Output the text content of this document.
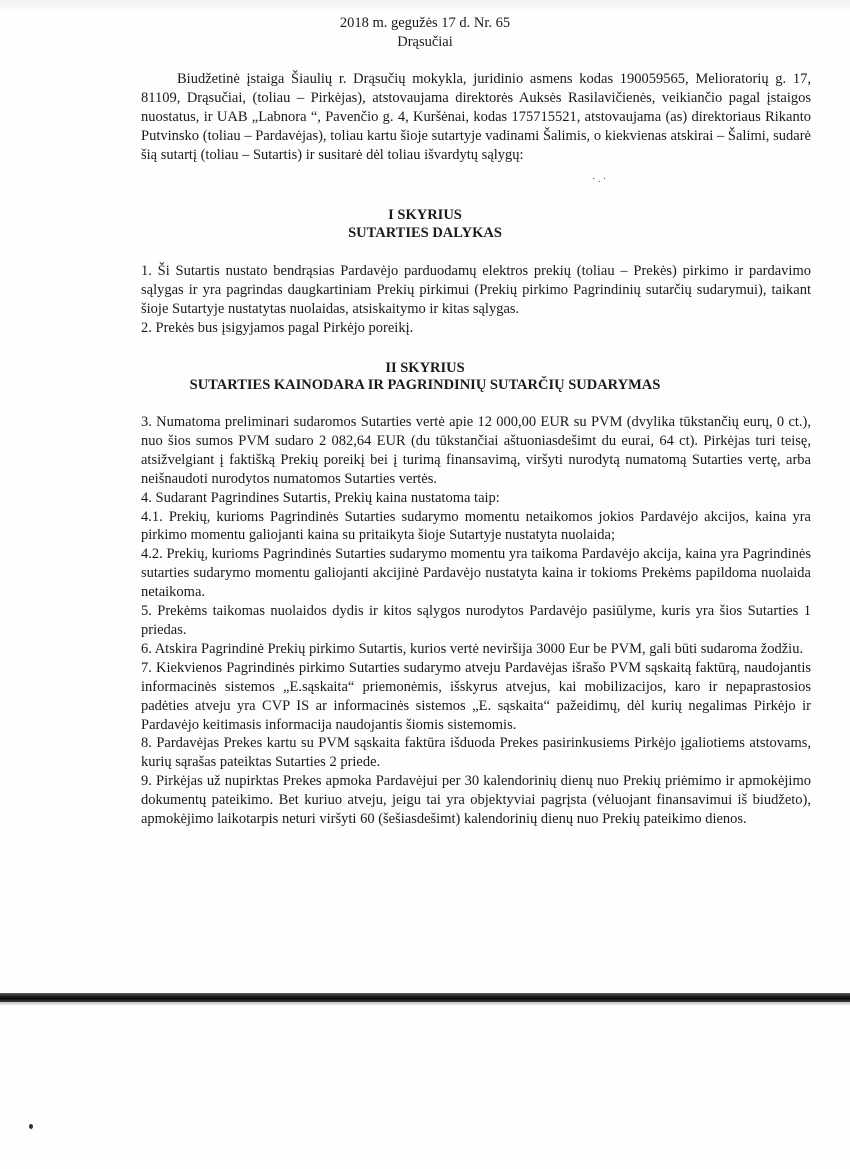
2018 m. gegužės 17 d. Nr. 65
Drąsučiai

Biudžetinė įstaiga Šiaulių r. Drąsučių mokykla, juridinio asmens kodas 190059565, Melioratorių g. 17, 81109, Drąsučiai, (toliau – Pirkėjas), atstovaujama direktorės Auksės Rasilavičienės, veikiančio pagal įstaigos nuostatus, ir UAB „Labnora “, Pavenčio g. 4, Kuršėnai, kodas 175715521, atstovaujama (as) direktoriaus Rikanto Putvinsko (toliau – Pardavėjas), toliau kartu šioje sutartyje vadinami Šalimis, o kiekvienas atskirai – Šalimi, sudarė šią sutartį (toliau – Sutartis) ir susitarė dėl toliau išvardytų sąlygų:

· . ·
I SKYRIUS
SUTARTIES DALYKAS

1. Ši Sutartis nustato bendrąsias Pardavėjo parduodamų elektros prekių (toliau – Prekės) pirkimo ir pardavimo sąlygas ir yra pagrindas daugkartiniam Prekių pirkimui (Prekių pirkimo Pagrindinių sutarčių sudarymui), taikant šioje Sutartyje nustatytas nuolaidas, atsiskaitymo ir kitas sąlygas.

2. Prekės bus įsigyjamos pagal Pirkėjo poreikį.

II SKYRIUS
SUTARTIES KAINODARA IR PAGRINDINIŲ SUTARČIŲ SUDARYMAS

3. Numatoma preliminari sudaromos Sutarties vertė apie 12 000,00 EUR su PVM (dvylika tūkstančių eurų, 0 ct.), nuo šios sumos PVM sudaro 2 082,64 EUR (du tūkstančiai aštuoniasdešimt du eurai, 64 ct). Pirkėjas turi teisę, atsižvelgiant į faktišką Prekių poreikį bei į turimą finansavimą, viršyti nurodytą numatomą Sutarties vertę, arba neišnaudoti nurodytos numatomos Sutarties vertės.

4. Sudarant Pagrindines Sutartis, Prekių kaina nustatoma taip:

4.1. Prekių, kurioms Pagrindinės Sutarties sudarymo momentu netaikomos jokios Pardavėjo akcijos, kaina yra pirkimo momentu galiojanti kaina su pritaikyta šioje Sutartyje nustatyta nuolaida;

4.2. Prekių, kurioms Pagrindinės Sutarties sudarymo momentu yra taikoma Pardavėjo akcija, kaina yra Pagrindinės sutarties sudarymo momentu galiojanti akcijinė Pardavėjo nustatyta kaina ir tokioms Prekėms papildoma nuolaida netaikoma.

5. Prekėms taikomas nuolaidos dydis ir kitos sąlygos nurodytos Pardavėjo pasiūlyme, kuris yra šios Sutarties 1 priedas.

6. Atskira Pagrindinė Prekių pirkimo Sutartis, kurios vertė neviršija 3000 Eur be PVM, gali būti sudaroma žodžiu.

7. Kiekvienos Pagrindinės pirkimo Sutarties sudarymo atveju Pardavėjas išrašo PVM sąskaitą faktūrą, naudojantis informacinės sistemos „E.sąskaita“ priemonėmis, išskyrus atvejus, kai mobilizacijos, karo ir nepaprastosios padėties atveju yra CVP IS ar informacinės sistemos „E. sąskaita“ pažeidimų, dėl kurių negalimas Pirkėjo ir Pardavėjo keitimasis informacija naudojantis šiomis sistemomis.

8. Pardavėjas Prekes kartu su PVM sąskaita faktūra išduoda Prekes pasirinkusiems Pirkėjo įgaliotiems atstovams, kurių sąrašas pateiktas Sutarties 2 priede.

9. Pirkėjas už nupirktas Prekes apmoka Pardavėjui per 30 kalendorinių dienų nuo Prekių priėmimo ir apmokėjimo dokumentų pateikimo. Bet kuriuo atveju, jeigu tai yra objektyviai pagrįsta (vėluojant finansavimui iš biudžeto), apmokėjimo laikotarpis neturi viršyti 60 (šešiasdešimt) kalendorinių dienų nuo Prekių pateikimo dienos.
